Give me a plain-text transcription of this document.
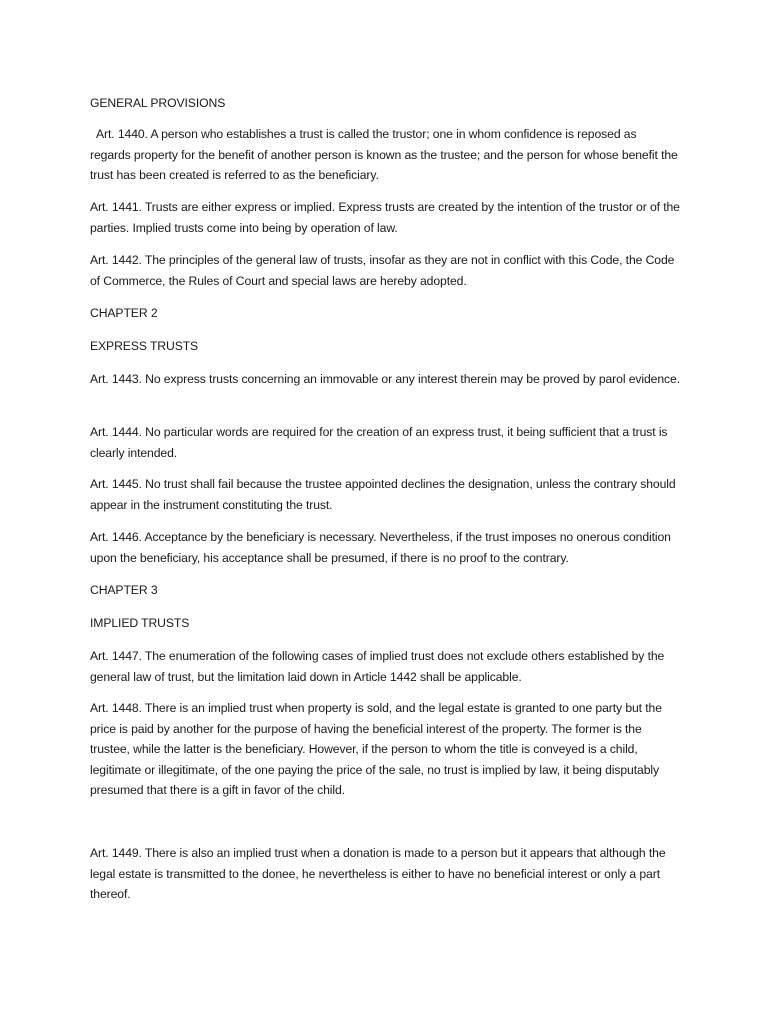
GENERAL PROVISIONS

Art. 1440. A person who establishes a trust is called the trustor; one in whom confidence is reposed as regards property for the benefit of another person is known as the trustee; and the person for whose benefit the trust has been created is referred to as the beneficiary.

Art. 1441. Trusts are either express or implied. Express trusts are created by the intention of the trustor or of the parties. Implied trusts come into being by operation of law.

Art. 1442. The principles of the general law of trusts, insofar as they are not in conflict with this Code, the Code of Commerce, the Rules of Court and special laws are hereby adopted.

CHAPTER 2

EXPRESS TRUSTS

Art. 1443. No express trusts concerning an immovable or any interest therein may be proved by parol evidence.

Art. 1444. No particular words are required for the creation of an express trust, it being sufficient that a trust is clearly intended.

Art. 1445. No trust shall fail because the trustee appointed declines the designation, unless the contrary should appear in the instrument constituting the trust.

Art. 1446. Acceptance by the beneficiary is necessary. Nevertheless, if the trust imposes no onerous condition upon the beneficiary, his acceptance shall be presumed, if there is no proof to the contrary.

CHAPTER 3

IMPLIED TRUSTS

Art. 1447. The enumeration of the following cases of implied trust does not exclude others established by the general law of trust, but the limitation laid down in Article 1442 shall be applicable.

Art. 1448. There is an implied trust when property is sold, and the legal estate is granted to one party but the price is paid by another for the purpose of having the beneficial interest of the property. The former is the trustee, while the latter is the beneficiary. However, if the person to whom the title is conveyed is a child, legitimate or illegitimate, of the one paying the price of the sale, no trust is implied by law, it being disputably presumed that there is a gift in favor of the child.

Art. 1449. There is also an implied trust when a donation is made to a person but it appears that although the legal estate is transmitted to the donee, he nevertheless is either to have no beneficial interest or only a part thereof.
